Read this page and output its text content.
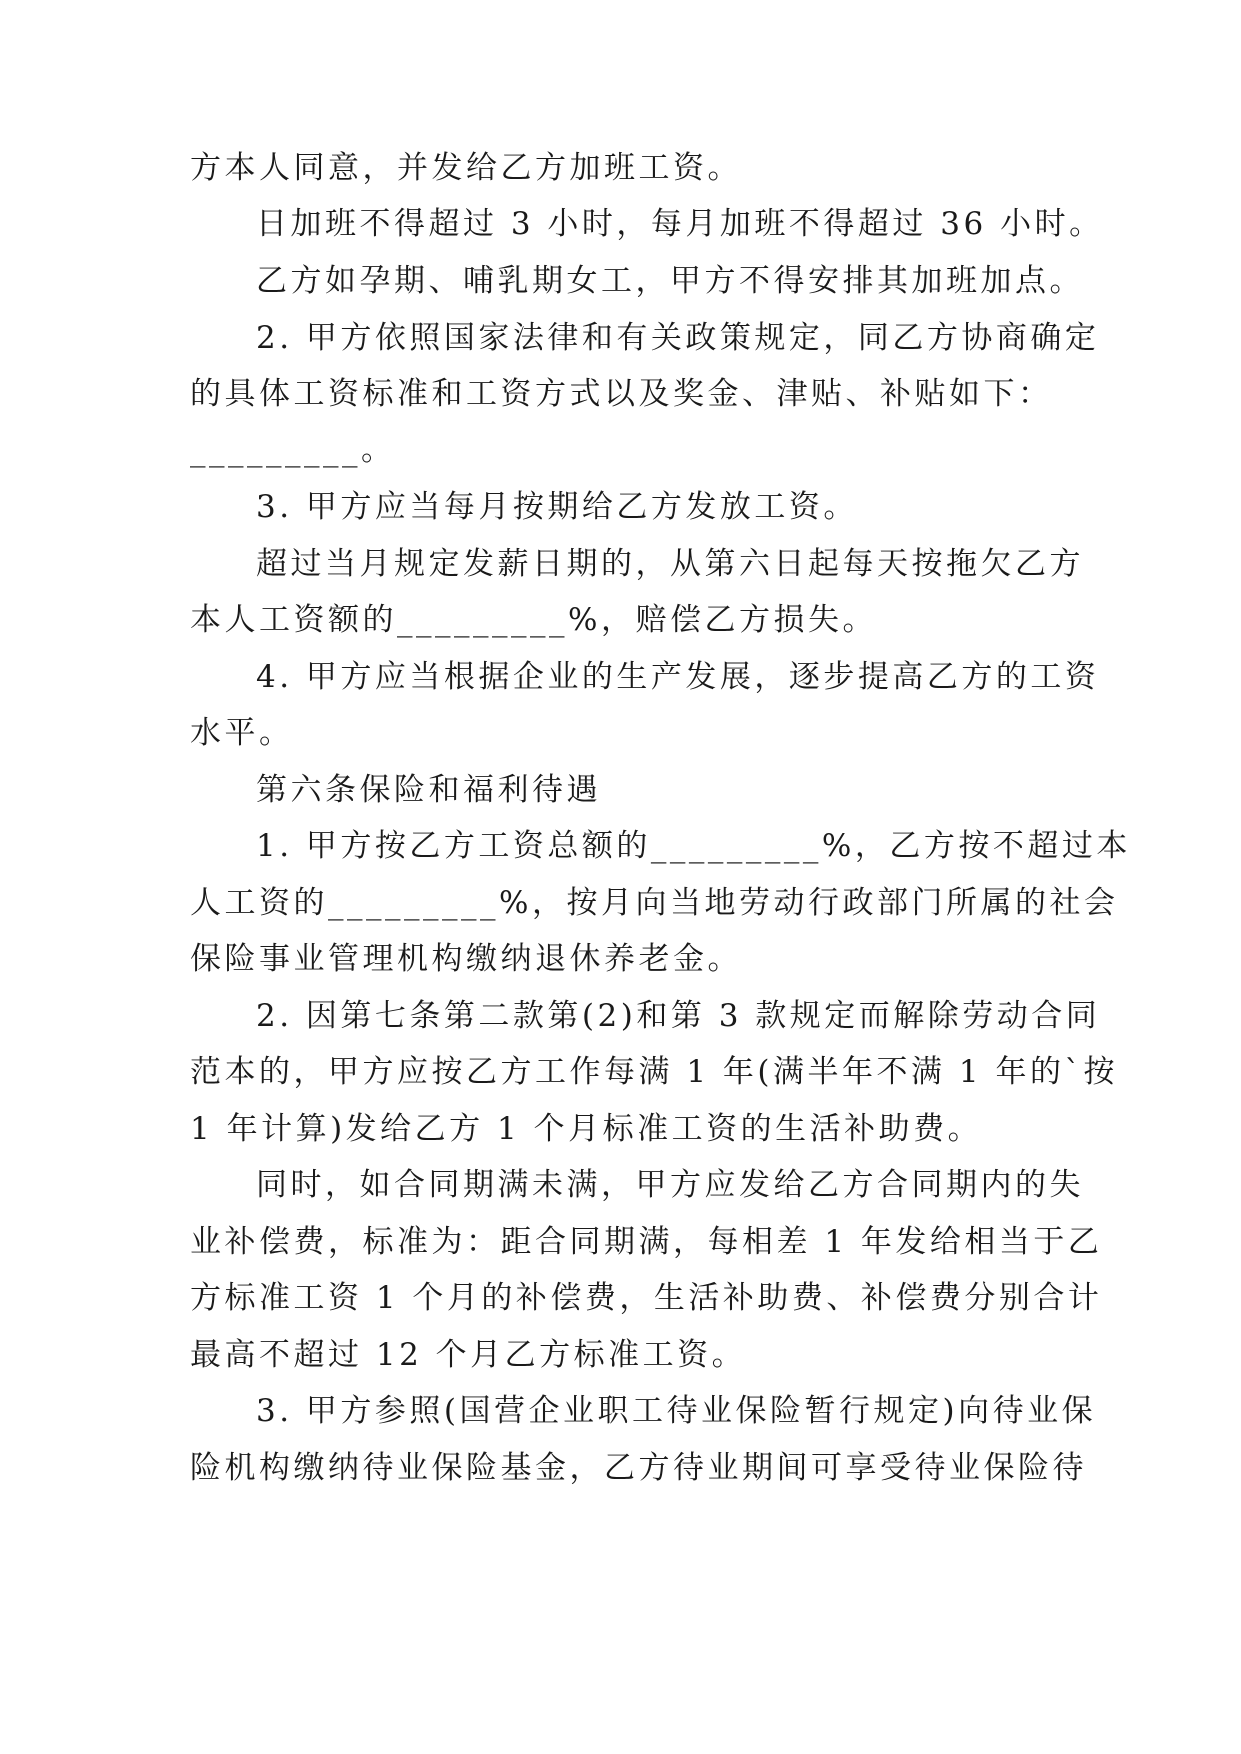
方本人同意，并发给乙方加班工资。
日加班不得超过 3 小时，每月加班不得超过 36 小时。
乙方如孕期、哺乳期女工，甲方不得安排其加班加点。
2. 甲方依照国家法律和有关政策规定，同乙方协商确定
的具体工资标准和工资方式以及奖金、津贴、补贴如下：
_________。
3. 甲方应当每月按期给乙方发放工资。
超过当月规定发薪日期的，从第六日起每天按拖欠乙方
本人工资额的_________%，赔偿乙方损失。
4. 甲方应当根据企业的生产发展，逐步提高乙方的工资
水平。
第六条保险和福利待遇
1. 甲方按乙方工资总额的_________%，乙方按不超过本
人工资的_________%，按月向当地劳动行政部门所属的社会
保险事业管理机构缴纳退休养老金。
2. 因第七条第二款第(2)和第 3 款规定而解除劳动合同
范本的，甲方应按乙方工作每满 1 年(满半年不满 1 年的`按
1 年计算)发给乙方 1 个月标准工资的生活补助费。
同时，如合同期满未满，甲方应发给乙方合同期内的失
业补偿费，标准为：距合同期满，每相差 1 年发给相当于乙
方标准工资 1 个月的补偿费，生活补助费、补偿费分别合计
最高不超过 12 个月乙方标准工资。
3. 甲方参照(国营企业职工待业保险暂行规定)向待业保
险机构缴纳待业保险基金，乙方待业期间可享受待业保险待
